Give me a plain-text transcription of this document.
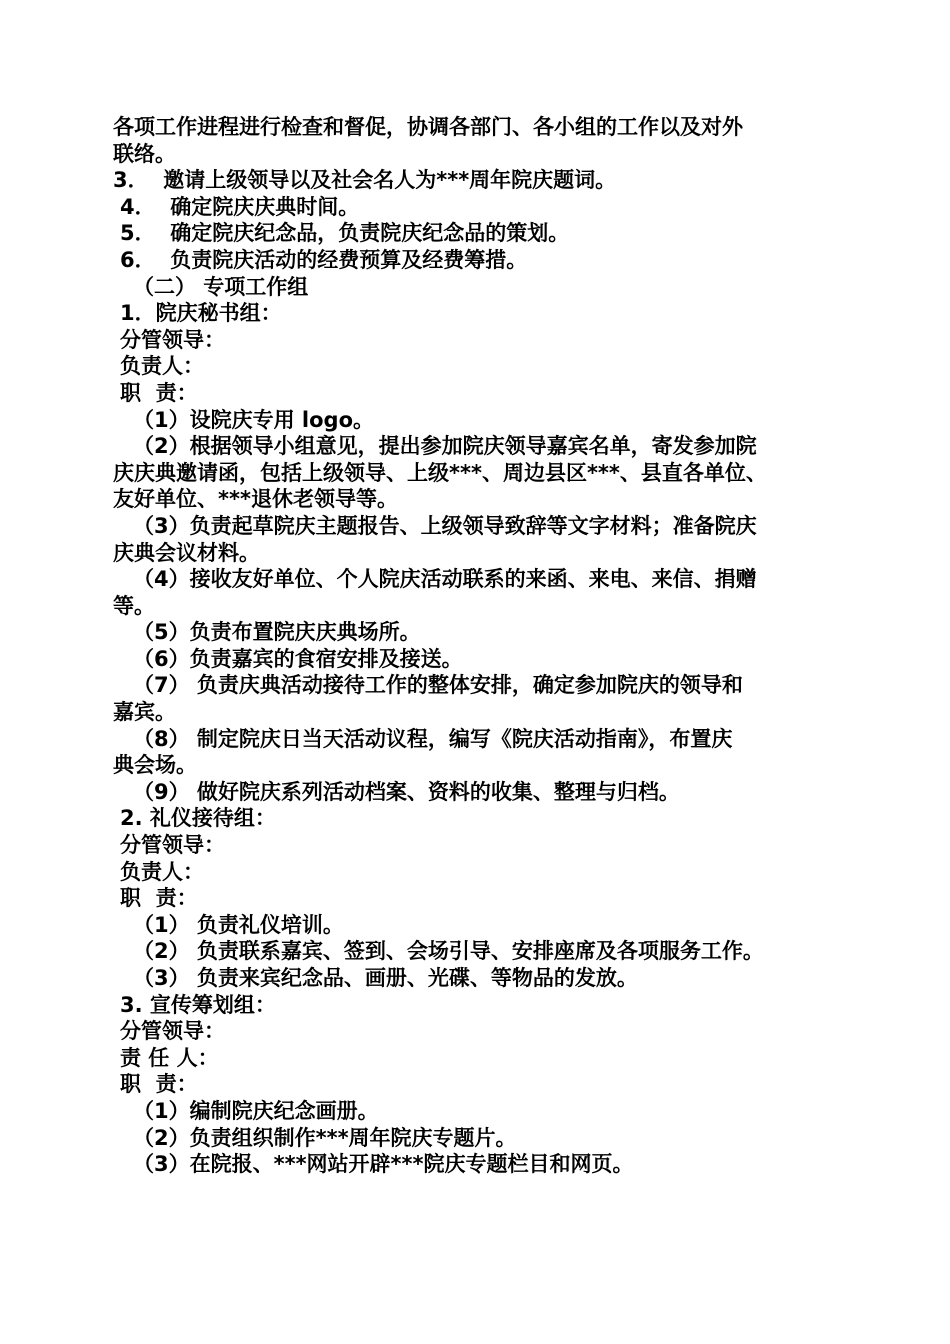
各项工作进程进行检查和督促，协调各部门、各小组的工作以及对外
联络。
3．  邀请上级领导以及社会名人为***周年院庆题词。
4．  确定院庆庆典时间。
5．  确定院庆纪念品，负责院庆纪念品的策划。
6．  负责院庆活动的经费预算及经费筹措。
（二） 专项工作组
1．院庆秘书组：
分管领导：
负责人：
职  责：
（1）设院庆专用 logo。
（2）根据领导小组意见，提出参加院庆领导嘉宾名单，寄发参加院
庆庆典邀请函，包括上级领导、上级***、周边县区***、县直各单位、
友好单位、***退休老领导等。
（3）负责起草院庆主题报告、上级领导致辞等文字材料；准备院庆
庆典会议材料。
（4）接收友好单位、个人院庆活动联系的来函、来电、来信、捐赠
等。
（5）负责布置院庆庆典场所。
（6）负责嘉宾的食宿安排及接送。
（7） 负责庆典活动接待工作的整体安排，确定参加院庆的领导和
嘉宾。
（8） 制定院庆日当天活动议程，编写《院庆活动指南》，布置庆
典会场。
（9） 做好院庆系列活动档案、资料的收集、整理与归档。
2. 礼仪接待组：
分管领导：
负责人：
职  责：
（1） 负责礼仪培训。
（2） 负责联系嘉宾、签到、会场引导、安排座席及各项服务工作。
（3） 负责来宾纪念品、画册、光碟、等物品的发放。
3. 宣传筹划组：
分管领导：
责 任 人：
职  责：
（1）编制院庆纪念画册。
（2）负责组织制作***周年院庆专题片。
（3）在院报、***网站开辟***院庆专题栏目和网页。
